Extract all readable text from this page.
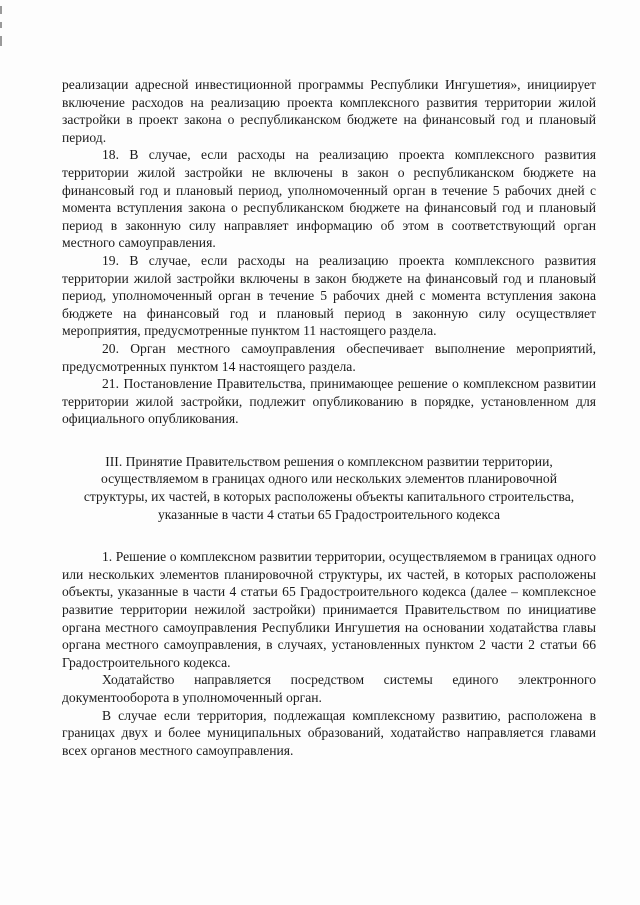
реализации адресной инвестиционной программы Республики Ингушетия», инициирует включение расходов на реализацию проекта комплексного развития территории жилой застройки в проект закона о республиканском бюджете на финансовый год и плановый период.

18. В случае, если расходы на реализацию проекта комплексного развития территории жилой застройки не включены в закон о республиканском бюджете на финансовый год и плановый период, уполномоченный орган в течение 5 рабочих дней с момента вступления закона о республиканском бюджете на финансовый год и плановый период в законную силу направляет информацию об этом в соответствующий орган местного самоуправления.

19. В случае, если расходы на реализацию проекта комплексного развития территории жилой застройки включены в закон бюджете на финансовый год и плановый период, уполномоченный орган в течение 5 рабочих дней с момента вступления закона бюджете на финансовый год и плановый период в законную силу осуществляет мероприятия, предусмотренные пунктом 11 настоящего раздела.

20. Орган местного самоуправления обеспечивает выполнение мероприятий, предусмотренных пунктом 14 настоящего раздела.

21. Постановление Правительства, принимающее решение о комплексном развитии территории жилой застройки, подлежит опубликованию в порядке, установленном для официального опубликования.

III. Принятие Правительством решения о комплексном развитии территории, осуществляемом в границах одного или нескольких элементов планировочной структуры, их частей, в которых расположены объекты капитального строительства, указанные в части 4 статьи 65 Градостроительного кодекса

1. Решение о комплексном развитии территории, осуществляемом в границах одного или нескольких элементов планировочной структуры, их частей, в которых расположены объекты, указанные в части 4 статьи 65 Градостроительного кодекса (далее – комплексное развитие территории нежилой застройки) принимается Правительством по инициативе органа местного самоуправления Республики Ингушетия на основании ходатайства главы органа местного самоуправления, в случаях, установленных пунктом 2 части 2 статьи 66 Градостроительного кодекса.

Ходатайство направляется посредством системы единого электронного документооборота в уполномоченный орган.

В случае если территория, подлежащая комплексному развитию, расположена в границах двух и более муниципальных образований, ходатайство направляется главами всех органов местного самоуправления.
